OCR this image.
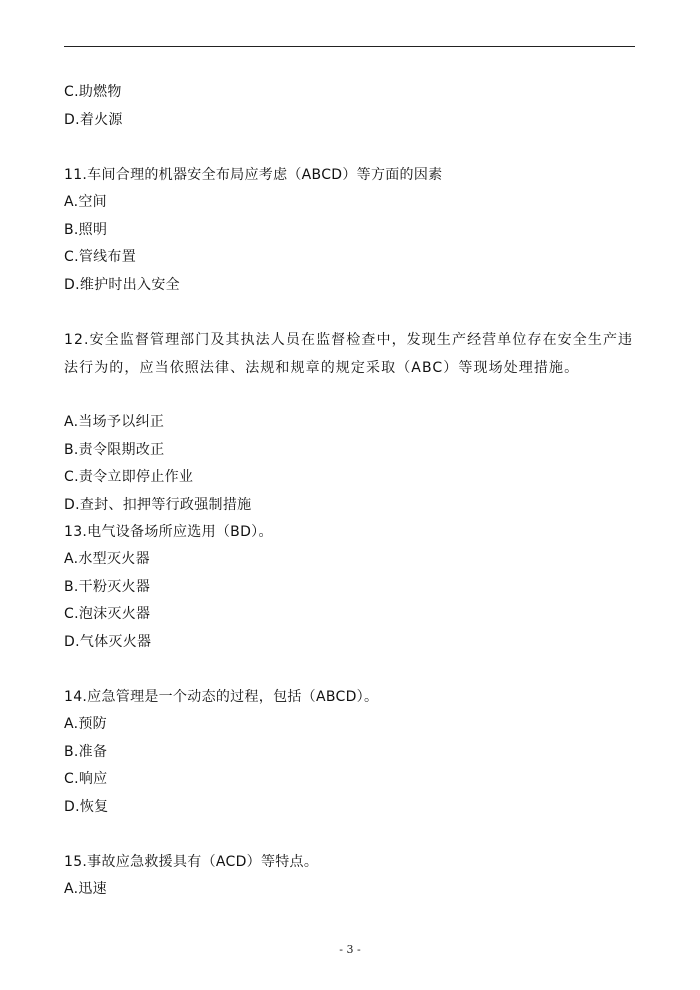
C.助燃物
D.着火源
11.车间合理的机器安全布局应考虑（ABCD）等方面的因素
A.空间
B.照明
C.管线布置
D.维护时出入安全
12.安全监督管理部门及其执法人员在监督检查中，发现生产经营单位存在安全生产违法行为的，应当依照法律、法规和规章的规定采取（ABC）等现场处理措施。
A.当场予以纠正
B.责令限期改正
C.责令立即停止作业
D.查封、扣押等行政强制措施
13.电气设备场所应选用（BD）。
A.水型灭火器
B.干粉灭火器
C.泡沫灭火器
D.气体灭火器
14.应急管理是一个动态的过程，包括（ABCD）。
A.预防
B.准备
C.响应
D.恢复
15.事故应急救援具有（ACD）等特点。
A.迅速
- 3 -
